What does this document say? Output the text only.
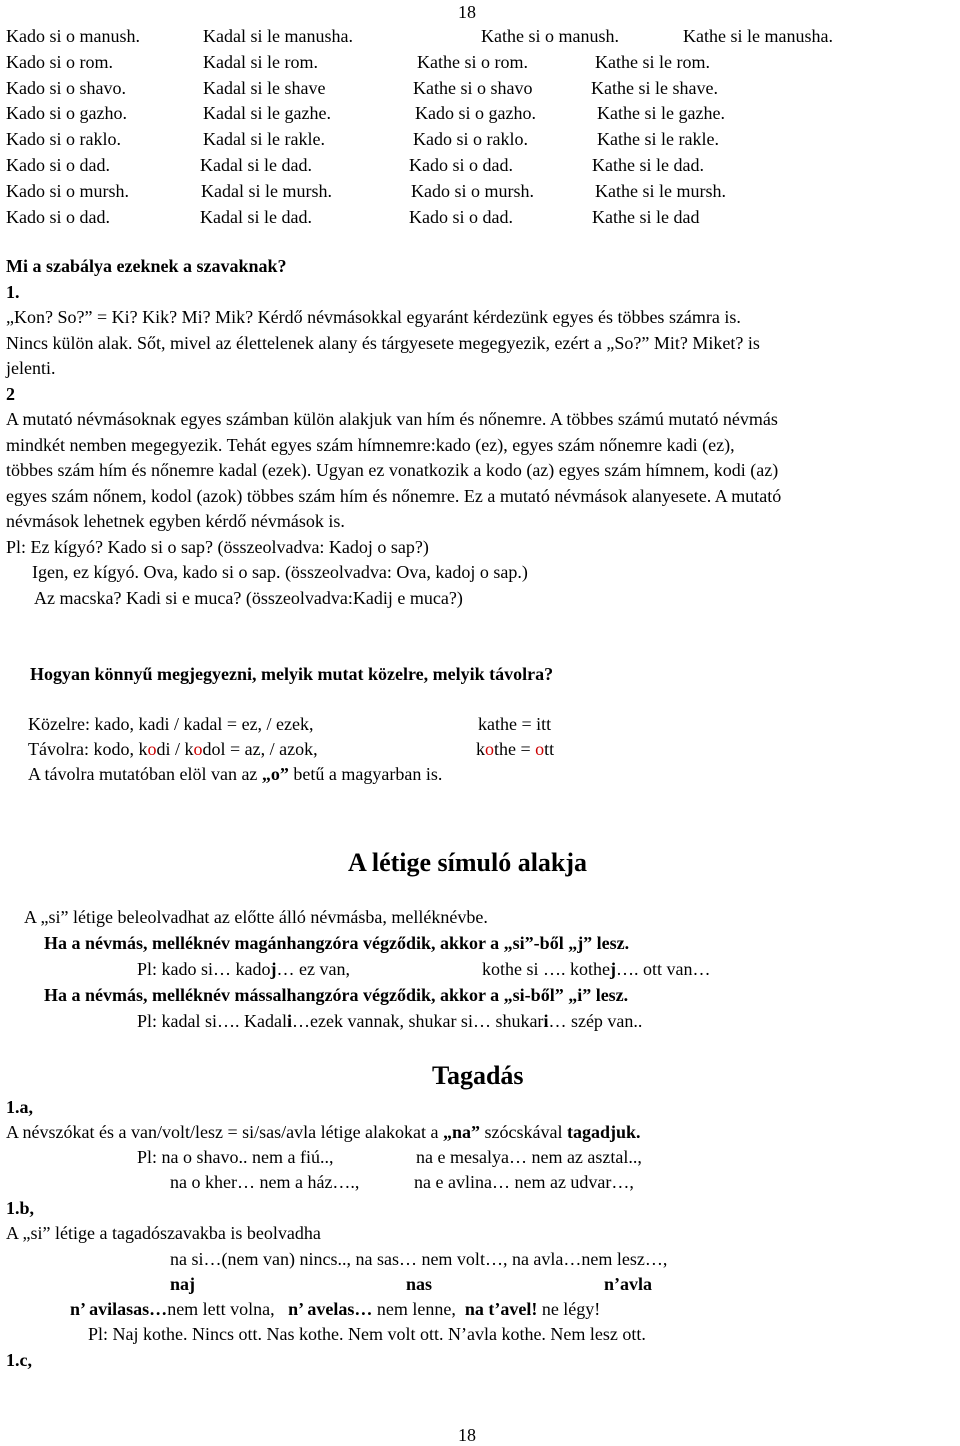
18
Kado si o manush.	Kadal si le manusha.	Kathe si o manush.	Kathe si le manusha.
Kado si o rom.	Kadal si le rom.	Kathe si o rom.	Kathe si le rom.
Kado si o shavo.	Kadal si le shave	Kathe si o shavo	Kathe si le shave.
Kado si o gazho.	Kadal si le gazhe.	Kado si o gazho.	Kathe si le gazhe.
Kado si o raklo.	Kadal si le rakle.	Kado si o raklo.	Kathe si le rakle.
Kado si o dad.	Kadal si le dad.	Kado si o dad.	Kathe si le dad.
Kado si o mursh.	Kadal si le mursh.	Kado si o mursh.	Kathe si le mursh.
Kado si o dad.	Kadal si le dad.	Kado si o dad.	Kathe si le dad
Mi a szabálya ezeknek a szavaknak?
1.
„Kon? So?” = Ki? Kik? Mi? Mik? Kérdő névmásokkal egyaránt kérdezünk egyes és többes számra is.
Nincs külön alak. Sőt, mivel az élettelenek alany és tárgyesete megegyezik, ezért a „So?” Mit? Miket? is
jelenti.
2
A mutató névmásoknak egyes számban külön alakjuk van hím és nőnemre. A többes számú mutató névmás
mindkét nemben megegyezik. Tehát egyes szám hímnemre:kado (ez), egyes szám nőnemre kadi (ez),
többes szám hím és nőnemre kadal (ezek). Ugyan ez vonatkozik a kodo (az) egyes szám hímnem, kodi (az)
egyes szám nőnem, kodol (azok) többes szám hím és nőnemre. Ez a mutató névmások alanyesete. A mutató
névmások lehetnek egyben kérdő névmások is.
Pl: Ez kígyó? Kado si o sap? (összeolvadva: Kadoj o sap?)
Igen, ez kígyó. Ova, kado si o sap. (összeolvadva: Ova, kadoj o sap.)
Az macska? Kadi si e muca? (összeolvadva:Kadij e muca?)
Hogyan könnyű megjegyezni, melyik mutat közelre, melyik távolra?
Közelre: kado, kadi / kadal = ez, / ezek,	kathe = itt
Távolra: kodo, kodi / kodol = az, / azok,	kothe = ott
A távolra mutatóban elöl van az „o” betű a magyarban is.
A létige símuló alakja
A „si” létige beleolvadhat az előtte álló névmásba, melléknévbe.
Ha a névmás, melléknév magánhangzóra végződik, akkor a „si”-ből „j” lesz.
Pl: kado si… kadoj… ez van,	kothe si …. kothej…. ott van…
Ha a névmás, melléknév mássalhangzóra végződik, akkor a „si-ből” „i” lesz.
Pl: kadal si…. Kadali…ezek vannak, shukar si… shukari… szép van..
Tagadás
1.a,
A névszókat és a van/volt/lesz = si/sas/avla létige alakokat a „na” szócskával tagadjuk.
Pl: na o shavo.. nem a fiú..,	na e mesalya… nem az asztal..,
na o kher… nem a ház….,	na e avlina… nem az udvar…,
1.b,
A „si” létige a tagadószavakba is beolvadha
na si…(nem van) nincs.., na sas… nem volt…, na avla…nem lesz…,
naj	nas	n’avla
n’ avilasas…nem lett volna, n’ avelas… nem lenne, na t’avel! ne légy!
Pl: Naj kothe. Nincs ott. Nas kothe. Nem volt ott. N’avla kothe. Nem lesz ott.
1.c,
18
